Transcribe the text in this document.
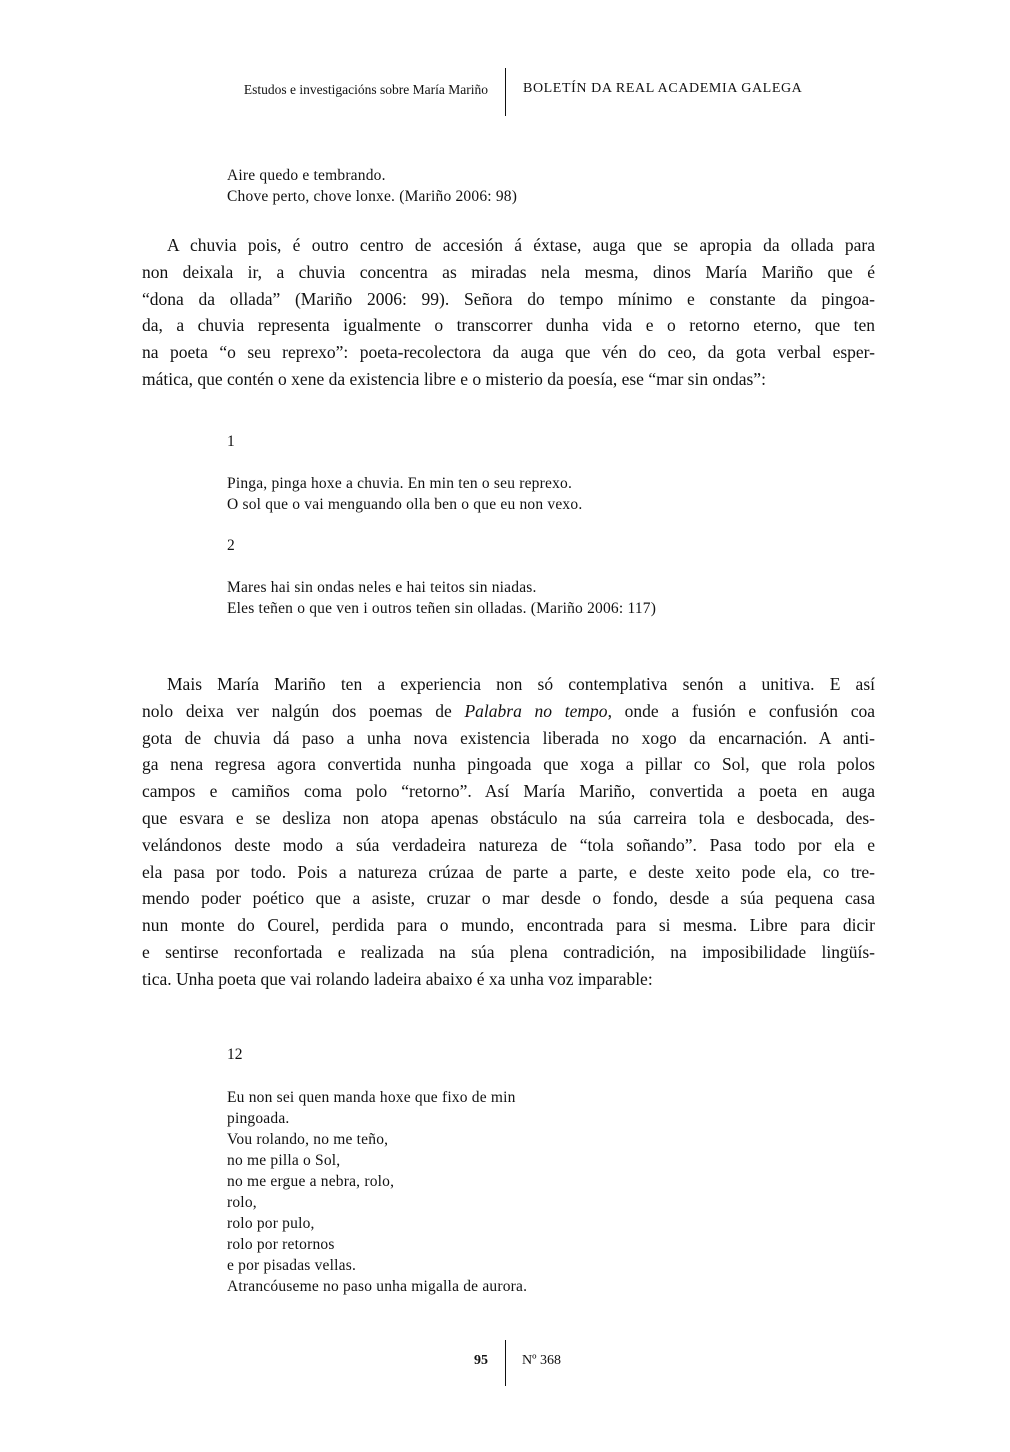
Estudos e investigacións sobre María Mariño	BOLETÍN DA REAL ACADEMIA GALEGA
Aire quedo e tembrando.
Chove perto, chove lonxe. (Mariño 2006: 98)
A chuvia pois, é outro centro de accesión á éxtase, auga que se apropia da ollada para
non deixala ir, a chuvia concentra as miradas nela mesma, dinos María Mariño que é
“dona da ollada” (Mariño 2006: 99). Señora do tempo mínimo e constante da pingoa-
da, a chuvia representa igualmente o transcorrer dunha vida e o retorno eterno, que ten
na poeta “o seu reprexo”: poeta-recolectora da auga que vén do ceo, da gota verbal esper-
mática, que contén o xene da existencia libre e o misterio da poesía, ese “mar sin ondas”:
1
Pinga, pinga hoxe a chuvia. En min ten o seu reprexo.
O sol que o vai menguando olla ben o que eu non vexo.
2
Mares hai sin ondas neles e hai teitos sin niadas.
Eles teñen o que ven i outros teñen sin olladas. (Mariño 2006: 117)
Mais María Mariño ten a experiencia non só contemplativa senón a unitiva. E así
nolo deixa ver nalgún dos poemas de Palabra no tempo, onde a fusión e confusión coa
gota de chuvia dá paso a unha nova existencia liberada no xogo da encarnación. A anti-
ga nena regresa agora convertida nunha pingoada que xoga a pillar co Sol, que rola polos
campos e camiños coma polo “retorno”. Así María Mariño, convertida a poeta en auga
que esvara e se desliza non atopa apenas obstáculo na súa carreira tola e desbocada, des-
velándonos deste modo a súa verdadeira natureza de “tola soñando”. Pasa todo por ela e
ela pasa por todo. Pois a natureza crúzaa de parte a parte, e deste xeito pode ela, co tre-
mendo poder poético que a asiste, cruzar o mar desde o fondo, desde a súa pequena casa
nun monte do Courel, perdida para o mundo, encontrada para si mesma. Libre para dicir
e sentirse reconfortada e realizada na súa plena contradición, na imposibilidade lingüís-
tica. Unha poeta que vai rolando ladeira abaixo é xa unha voz imparable:
12
Eu non sei quen manda hoxe que fixo de min
pingoada.
Vou rolando, no me teño,
no me pilla o Sol,
no me ergue a nebra, rolo,
rolo,
rolo por pulo,
rolo por retornos
e por pisadas vellas.
Atrancóuseme no paso unha migalla de aurora.
95 Nº 368
